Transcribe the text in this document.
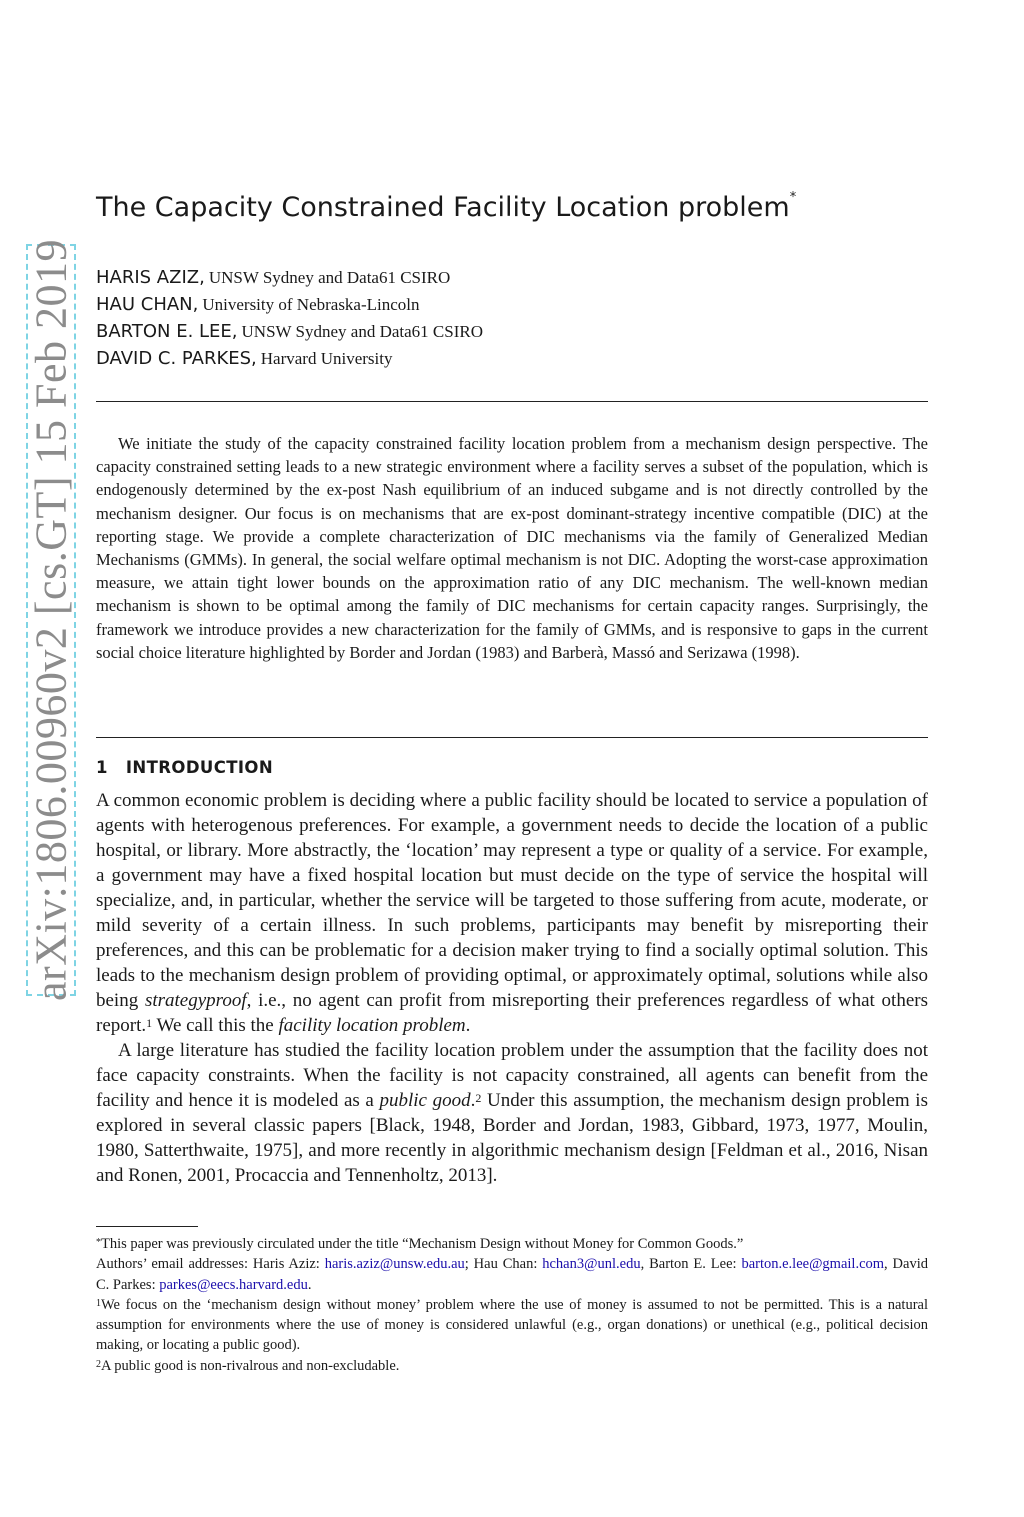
arXiv:1806.00960v2 [cs.GT] 15 Feb 2019
The Capacity Constrained Facility Location problem*
HARIS AZIZ, UNSW Sydney and Data61 CSIRO
HAU CHAN, University of Nebraska-Lincoln
BARTON E. LEE, UNSW Sydney and Data61 CSIRO
DAVID C. PARKES, Harvard University

We initiate the study of the capacity constrained facility location problem from a mechanism design perspective. The capacity constrained setting leads to a new strategic environment where a facility serves a subset of the population, which is endogenously determined by the ex-post Nash equilibrium of an induced subgame and is not directly controlled by the mechanism designer. Our focus is on mechanisms that are ex-post dominant-strategy incentive compatible (DIC) at the reporting stage. We provide a complete characterization of DIC mechanisms via the family of Generalized Median Mechanisms (GMMs). In general, the social welfare optimal mechanism is not DIC. Adopting the worst-case approximation measure, we attain tight lower bounds on the approximation ratio of any DIC mechanism. The well-known median mechanism is shown to be optimal among the family of DIC mechanisms for certain capacity ranges. Surprisingly, the framework we introduce provides a new characterization for the family of GMMs, and is responsive to gaps in the current social choice literature highlighted by Border and Jordan (1983) and Barberà, Massó and Serizawa (1998).

1 INTRODUCTION

A common economic problem is deciding where a public facility should be located to service a population of agents with heterogenous preferences. For example, a government needs to decide the location of a public hospital, or library. More abstractly, the ‘location’ may represent a type or quality of a service. For example, a government may have a fixed hospital location but must decide on the type of service the hospital will specialize, and, in particular, whether the service will be targeted to those suffering from acute, moderate, or mild severity of a certain illness. In such problems, participants may benefit by misreporting their preferences, and this can be problematic for a decision maker trying to find a socially optimal solution. This leads to the mechanism design problem of providing optimal, or approximately optimal, solutions while also being strategyproof, i.e., no agent can profit from misreporting their preferences regardless of what others report.$^1$ We call this the facility location problem.

A large literature has studied the facility location problem under the assumption that the facility does not face capacity constraints. When the facility is not capacity constrained, all agents can benefit from the facility and hence it is modeled as a public good.$^2$ Under this assumption, the mechanism design problem is explored in several classic papers [Black, 1948, Border and Jordan, 1983, Gibbard, 1973, 1977, Moulin, 1980, Satterthwaite, 1975], and more recently in algorithmic mechanism design [Feldman et al., 2016, Nisan and Ronen, 2001, Procaccia and Tennenholtz, 2013].

*This paper was previously circulated under the title “Mechanism Design without Money for Common Goods.”

Authors’ email addresses: Haris Aziz: haris.aziz@unsw.edu.au; Hau Chan: hchan3@unl.edu, Barton E. Lee: barton.e.lee@gmail.com, David C. Parkes: parkes@eecs.harvard.edu.

$^1$We focus on the ‘mechanism design without money’ problem where the use of money is assumed to not be permitted. This is a natural assumption for environments where the use of money is considered unlawful (e.g., organ donations) or unethical (e.g., political decision making, or locating a public good).

$^2$A public good is non-rivalrous and non-excludable.
